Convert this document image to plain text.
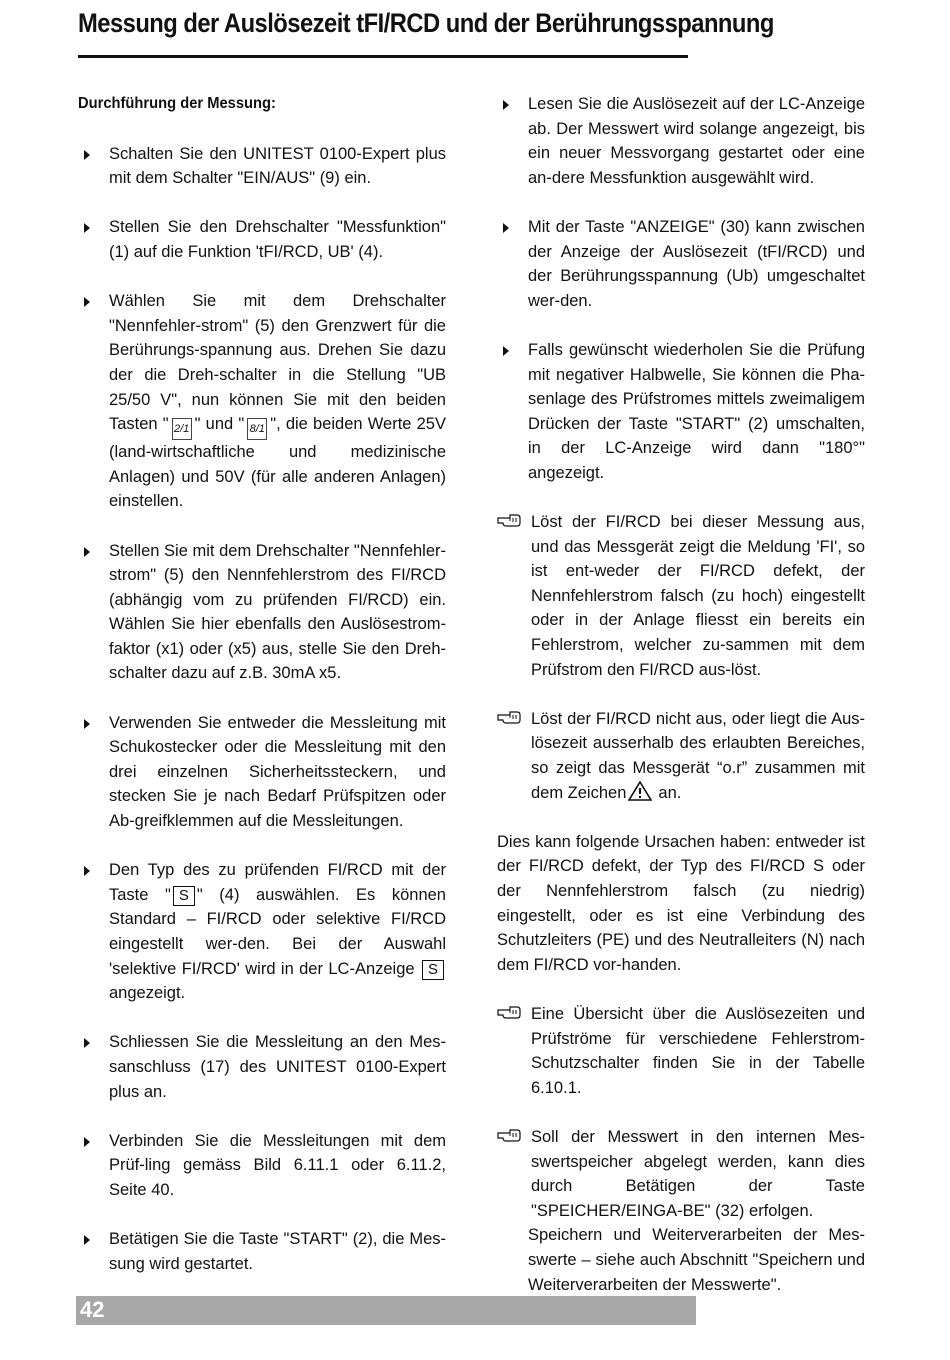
Messung der Auslösezeit tFI/RCD und der Berührungsspannung
Durchführung der Messung:
Schalten Sie den UNITEST 0100-Expert plus mit dem Schalter "EIN/AUS" (9) ein.
Stellen Sie den Drehschalter "Messfunktion" (1) auf die Funktion 'tFI/RCD, UB' (4).
Wählen Sie mit dem Drehschalter "Nennfehler-strom" (5) den Grenzwert für die Berührungs-spannung aus. Drehen Sie dazu der die Dreh-schalter in die Stellung "UB 25/50 V", nun können Sie mit den beiden Tasten " 2/1 " und " 8/1 ", die beiden Werte 25V (land-wirtschaftliche und medizinische Anlagen) und 50V (für alle anderen Anlagen) einstellen.
Stellen Sie mit dem Drehschalter "Nennfehler-strom" (5) den Nennfehlerstrom des FI/RCD (abhängig vom zu prüfenden FI/RCD) ein. Wählen Sie hier ebenfalls den Auslösestrom-faktor (x1) oder (x5) aus, stelle Sie den Dreh-schalter dazu auf z.B. 30mA x5.
Verwenden Sie entweder die Messleitung mit Schukostecker oder die Messleitung mit den drei einzelnen Sicherheitssteckern, und stecken Sie je nach Bedarf Prüfspitzen oder Ab-greifklemmen auf die Messleitungen.
Den Typ des zu prüfenden FI/RCD mit der Taste " S " (4) auswählen. Es können Standard – FI/RCD oder selektive FI/RCD eingestellt wer-den. Bei der Auswahl 'selektive FI/RCD' wird in der LC-Anzeige S angezeigt.
Schliessen Sie die Messleitung an den Mes-sanschluss (17) des UNITEST 0100-Expert plus an.
Verbinden Sie die Messleitungen mit dem Prüf-ling gemäss Bild 6.11.1 oder 6.11.2, Seite 40.
Betätigen Sie die Taste "START" (2), die Mes-sung wird gestartet.
Lesen Sie die Auslösezeit auf der LC-Anzeige ab. Der Messwert wird solange angezeigt, bis ein neuer Messvorgang gestartet oder eine an-dere Messfunktion ausgewählt wird.
Mit der Taste "ANZEIGE" (30) kann zwischen der Anzeige der Auslösezeit (tFI/RCD) und der Berührungsspannung (Ub) umgeschaltet wer-den.
Falls gewünscht wiederholen Sie die Prüfung mit negativer Halbwelle, Sie können die Pha-senlage des Prüfstromes mittels zweimaligem Drücken der Taste "START" (2) umschalten, in der LC-Anzeige wird dann "180°" angezeigt.
Löst der FI/RCD bei dieser Messung aus, und das Messgerät zeigt die Meldung 'FI', so ist ent-weder der FI/RCD defekt, der Nennfehlerstrom falsch (zu hoch) eingestellt oder in der Anlage fliesst ein bereits ein Fehlerstrom, welcher zu-sammen mit dem Prüfstrom den FI/RCD aus-löst.
Löst der FI/RCD nicht aus, oder liegt die Aus-lösezeit ausserhalb des erlaubten Bereiches, so zeigt das Messgerät “o.r” zusammen mit dem Zeichen an.
Dies kann folgende Ursachen haben: entweder ist der FI/RCD defekt, der Typ des FI/RCD S oder der Nennfehlerstrom falsch (zu niedrig) eingestellt, oder es ist eine Verbindung des Schutzleiters (PE) und des Neutralleiters (N) nach dem FI/RCD vor-handen.
Eine Übersicht über die Auslösezeiten und Prüfströme für verschiedene Fehlerstrom-Schutzschalter finden Sie in der Tabelle 6.10.1.
Soll der Messwert in den internen Mes-swertspeicher abgelegt werden, kann dies durch Betätigen der Taste "SPEICHER/EINGA-BE" (32) erfolgen.
Speichern und Weiterverarbeiten der Mes-swerte – siehe auch Abschnitt "Speichern und Weiterverarbeiten der Messwerte".
42
